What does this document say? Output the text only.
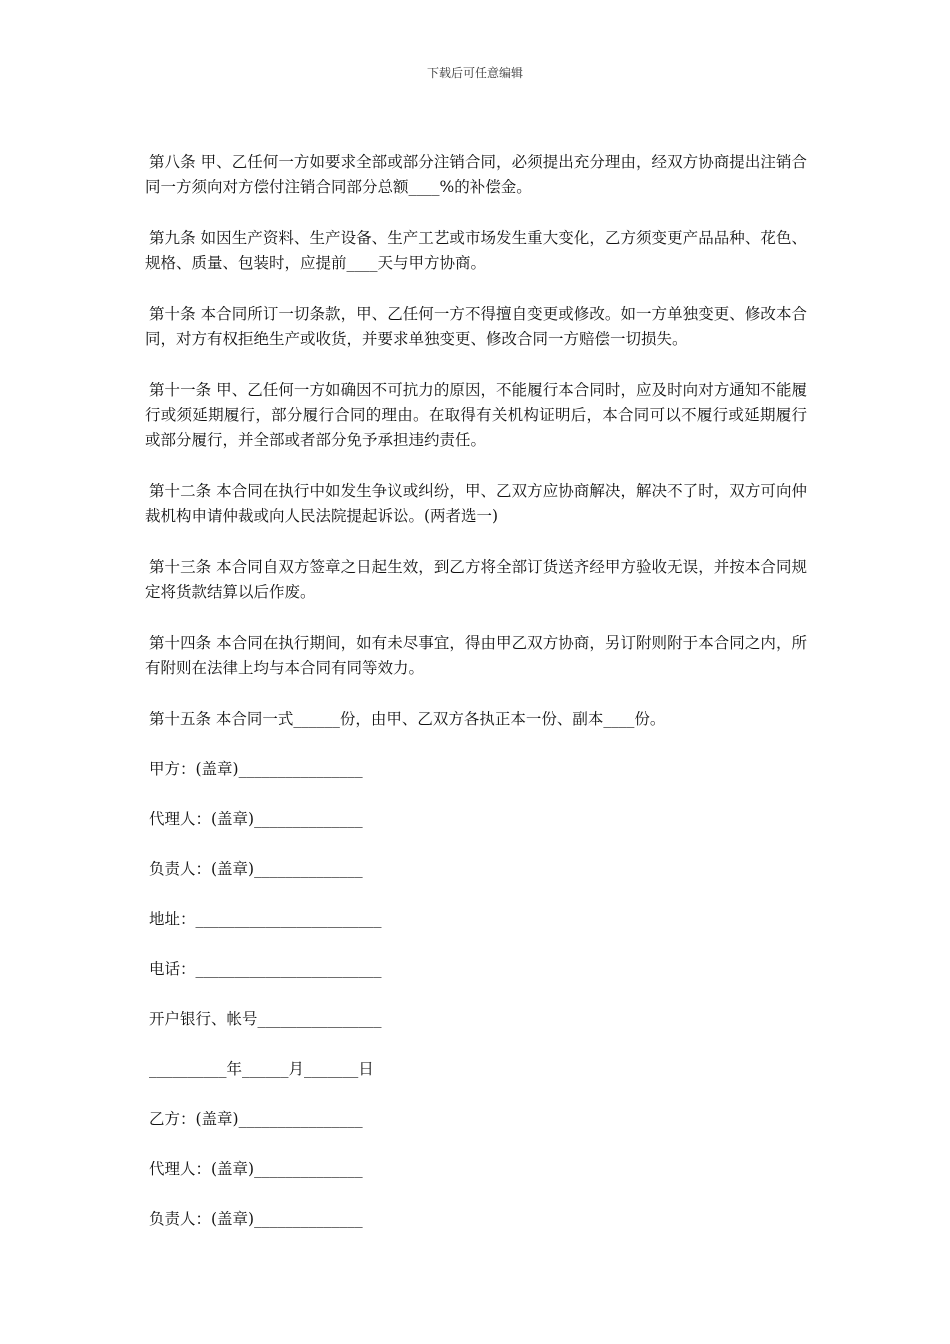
下载后可任意编辑

第八条 甲、乙任何一方如要求全部或部分注销合同，必须提出充分理由，经双方协商提出注销合同一方须向对方偿付注销合同部分总额____%的补偿金。

第九条 如因生产资料、生产设备、生产工艺或市场发生重大变化，乙方须变更产品品种、花色、规格、质量、包装时，应提前____天与甲方协商。

第十条 本合同所订一切条款，甲、乙任何一方不得擅自变更或修改。如一方单独变更、修改本合同，对方有权拒绝生产或收货，并要求单独变更、修改合同一方赔偿一切损失。

第十一条 甲、乙任何一方如确因不可抗力的原因，不能履行本合同时，应及时向对方通知不能履行或须延期履行，部分履行合同的理由。在取得有关机构证明后，本合同可以不履行或延期履行或部分履行，并全部或者部分免予承担违约责任。

第十二条 本合同在执行中如发生争议或纠纷，甲、乙双方应协商解决，解决不了时，双方可向仲裁机构申请仲裁或向人民法院提起诉讼。(两者选一)

第十三条 本合同自双方签章之日起生效，到乙方将全部订货送齐经甲方验收无误，并按本合同规定将货款结算以后作废。

第十四条 本合同在执行期间，如有未尽事宜，得由甲乙双方协商，另订附则附于本合同之内，所有附则在法律上均与本合同有同等效力。

第十五条 本合同一式______份，由甲、乙双方各执正本一份、副本____份。

甲方：(盖章)________________

代理人：(盖章)______________

负责人：(盖章)______________

地址：________________________

电话：________________________

开户银行、帐号________________

__________年______月_______日

乙方：(盖章)________________

代理人：(盖章)______________

负责人：(盖章)______________
